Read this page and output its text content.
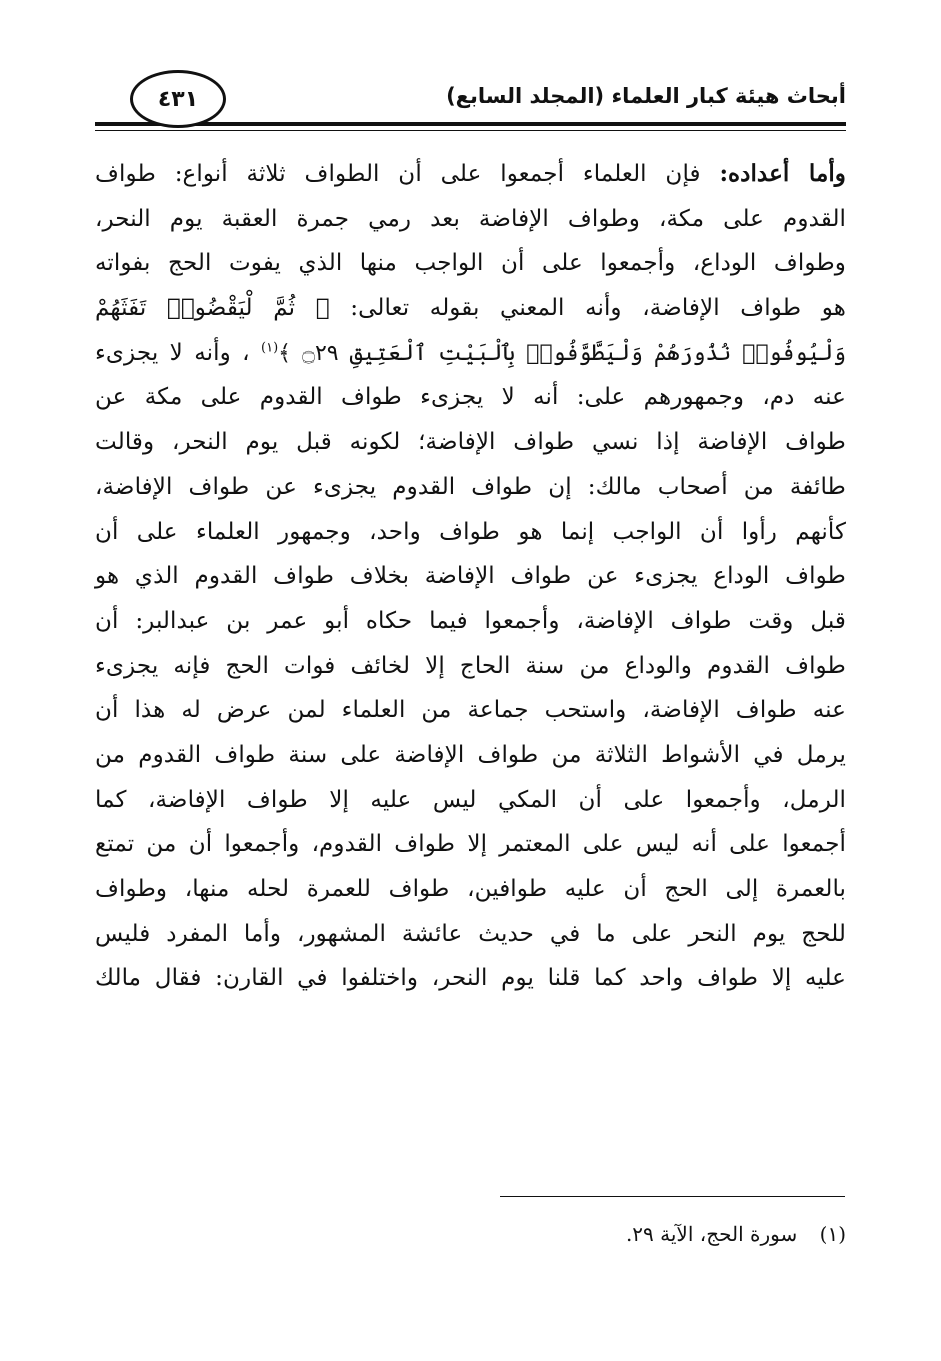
أبحاث هيئة كبار العلماء (المجلد السابع)
٤٣١
وأما أعداده: فإن العلماء أجمعوا على أن الطواف ثلاثة أنواع: طواف
القدوم على مكة، وطواف الإفاضة بعد رمي جمرة العقبة يوم النحر،
وطواف الوداع، وأجمعوا على أن الواجب منها الذي يفوت الحج بفواته
هو طواف الإفاضة، وأنه المعني بقوله تعالى: ﴿ ثُمَّ لْيَقْضُوا۟ تَفَثَهُمْ
وَلْيُوفُوا۟ نُذُورَهُمْ وَلْيَطَّوَّفُوا۟ بِٱلْبَيْتِ ٱلْعَتِيقِ ۝٢٩ ﴾$^{(١)}$ ، وأنه لا يجزىء
عنه دم، وجمهورهم على: أنه لا يجزىء طواف القدوم على مكة عن
طواف الإفاضة إذا نسي طواف الإفاضة؛ لكونه قبل يوم النحر، وقالت
طائفة من أصحاب مالك: إن طواف القدوم يجزىء عن طواف الإفاضة،
كأنهم رأوا أن الواجب إنما هو طواف واحد، وجمهور العلماء على أن
طواف الوداع يجزىء عن طواف الإفاضة بخلاف طواف القدوم الذي هو
قبل وقت طواف الإفاضة، وأجمعوا فيما حكاه أبو عمر بن عبدالبر: أن
طواف القدوم والوداع من سنة الحاج إلا لخائف فوات الحج فإنه يجزىء
عنه طواف الإفاضة، واستحب جماعة من العلماء لمن عرض له هذا أن
يرمل في الأشواط الثلاثة من طواف الإفاضة على سنة طواف القدوم من
الرمل، وأجمعوا على أن المكي ليس عليه إلا طواف الإفاضة، كما
أجمعوا على أنه ليس على المعتمر إلا طواف القدوم، وأجمعوا أن من تمتع
بالعمرة إلى الحج أن عليه طوافين، طواف للعمرة لحله منها، وطواف
للحج يوم النحر على ما في حديث عائشة المشهور، وأما المفرد فليس
عليه إلا طواف واحد كما قلنا يوم النحر، واختلفوا في القارن: فقال مالك
(١) سورة الحج، الآية ٢٩.
